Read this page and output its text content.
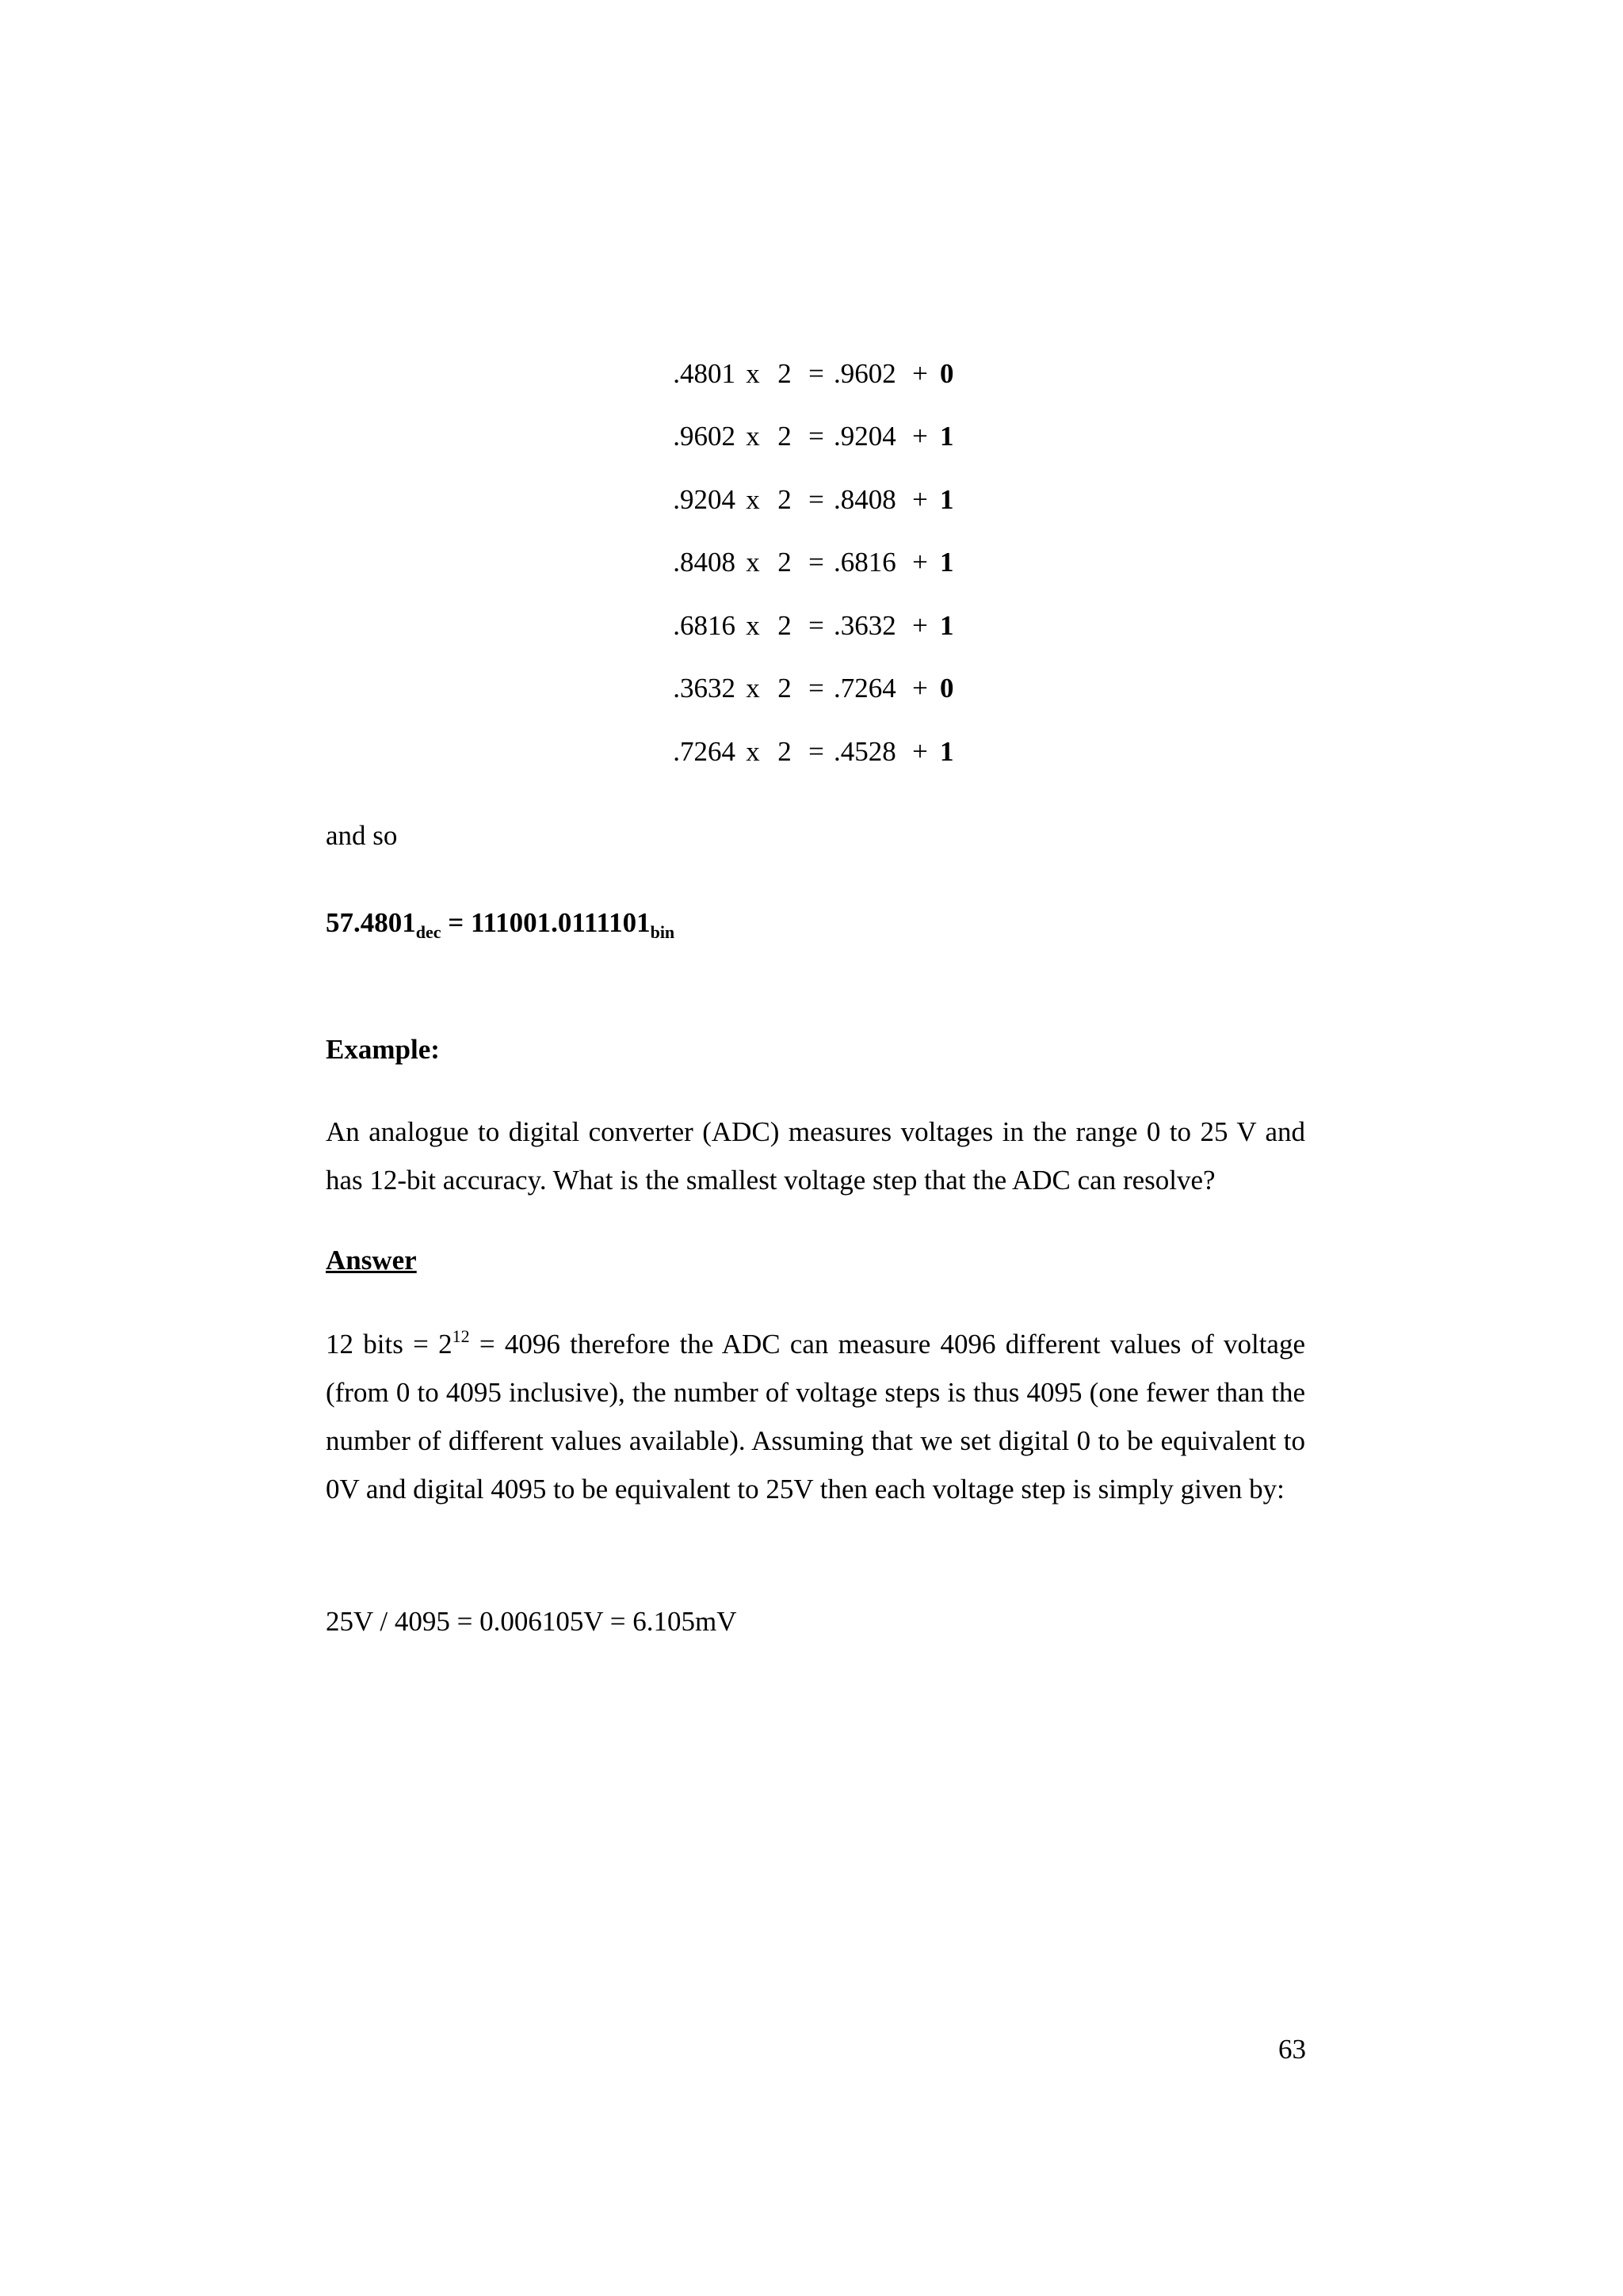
.4801	x	2	=	.9602	+	0
.9602	x	2	=	.9204	+	1
.9204	x	2	=	.8408	+	1
.8408	x	2	=	.6816	+	1
.6816	x	2	=	.3632	+	1
.3632	x	2	=	.7264	+	0
.7264	x	2	=	.4528	+	1

and so

$57.4801_{dec} = 111001.0111101_{bin}$

Example:

An analogue to digital converter (ADC) measures voltages in the range 0 to 25 V and has 12-bit accuracy. What is the smallest voltage step that the ADC can resolve?

Answer

12 bits = $2^{12} = 4096$ therefore the ADC can measure 4096 different values of voltage (from 0 to 4095 inclusive), the number of voltage steps is thus 4095 (one fewer than the number of different values available). Assuming that we set digital 0 to be equivalent to 0V and digital 4095 to be equivalent to 25V then each voltage step is simply given by:

25V / 4095 = 0.006105V = 6.105mV

63
